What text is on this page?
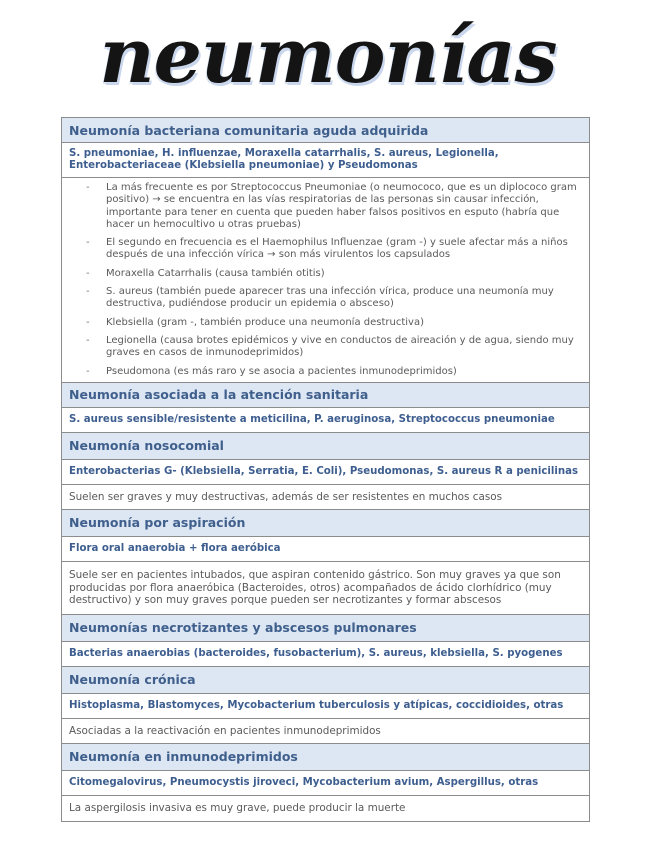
neumonías
Neumonía bacteriana comunitaria aguda adquirida
S. pneumoniae, H. influenzae, Moraxella catarrhalis, S. aureus, Legionella, Enterobacteriaceae (Klebsiella pneumoniae) y Pseudomonas
- La más frecuente es por Streptococcus Pneumoniae (o neumococo, que es un diplococo gram positivo) → se encuentra en las vías respiratorias de las personas sin causar infección, importante para tener en cuenta que pueden haber falsos positivos en esputo (habría que hacer un hemocultivo u otras pruebas)
- El segundo en frecuencia es el Haemophilus Influenzae (gram -) y suele afectar más a niños después de una infección vírica → son más virulentos los capsulados
- Moraxella Catarrhalis (causa también otitis)
- S. aureus (también puede aparecer tras una infección vírica, produce una neumonía muy destructiva, pudiéndose producir un epidemia o absceso)
- Klebsiella (gram -, también produce una neumonía destructiva)
- Legionella (causa brotes epidémicos y vive en conductos de aireación y de agua, siendo muy graves en casos de inmunodeprimidos)
- Pseudomona (es más raro y se asocia a pacientes inmunodeprimidos)
Neumonía asociada a la atención sanitaria
S. aureus sensible/resistente a meticilina, P. aeruginosa, Streptococcus pneumoniae
Neumonía nosocomial
Enterobacterias G- (Klebsiella, Serratia, E. Coli), Pseudomonas, S. aureus R a penicilinas
Suelen ser graves y muy destructivas, además de ser resistentes en muchos casos
Neumonía por aspiración
Flora oral anaerobia + flora aeróbica
Suele ser en pacientes intubados, que aspiran contenido gástrico. Son muy graves ya que son producidas por flora anaeróbica (Bacteroides, otros) acompañados de ácido clorhídrico (muy destructivo) y son muy graves porque pueden ser necrotizantes y formar abscesos
Neumonías necrotizantes y abscesos pulmonares
Bacterias anaerobias (bacteroides, fusobacterium), S. aureus, klebsiella, S. pyogenes
Neumonía crónica
Histoplasma, Blastomyces, Mycobacterium tuberculosis y atípicas, coccidioides, otras
Asociadas a la reactivación en pacientes inmunodeprimidos
Neumonía en inmunodeprimidos
Citomegalovirus, Pneumocystis jiroveci, Mycobacterium avium, Aspergillus, otras
La aspergilosis invasiva es muy grave, puede producir la muerte
